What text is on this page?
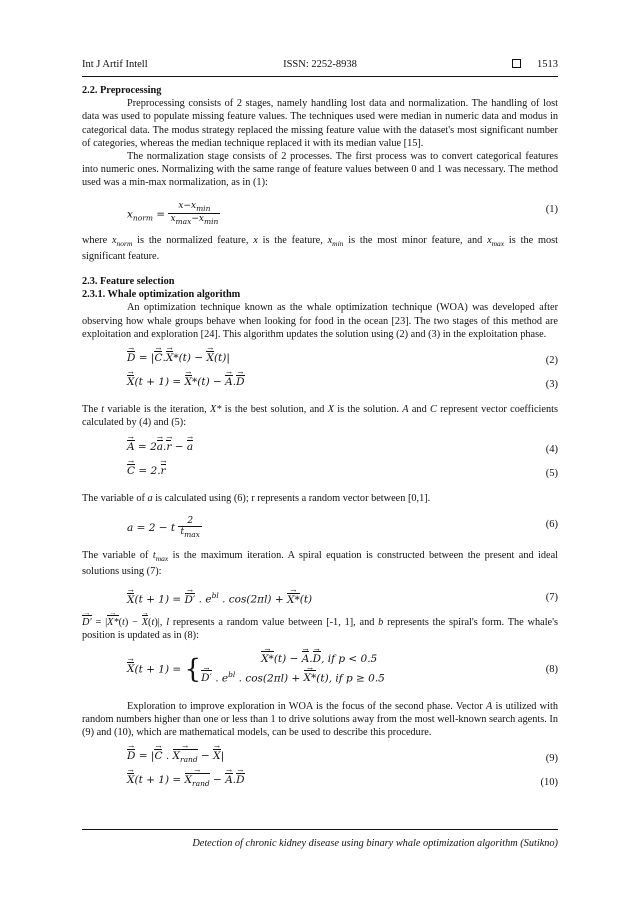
Int J Artif Intell	ISSN: 2252-8938	1513

2.2. Preprocessing

Preprocessing consists of 2 stages, namely handling lost data and normalization. The handling of lost data was used to populate missing feature values. The techniques used were median in numeric data and modus in categorical data. The modus strategy replaced the missing feature value with the dataset's most significant number of categories, whereas the median technique replaced it with its median value [15].

The normalization stage consists of 2 processes. The first process was to convert categorical features into numeric ones. Normalizing with the same range of feature values between 0 and 1 was necessary. The method used was a min-max normalization, as in (1):

$x_{norm} = \frac{x-x_{min}}{x_{max}-x_{min}}$	(1)

where $x_{norm}$ is the normalized feature, x is the feature, $x_{min}$ is the most minor feature, and $x_{max}$ is the most significant feature.

2.3. Feature selection

2.3.1. Whale optimization algorithm

An optimization technique known as the whale optimization technique (WOA) was developed after observing how whale groups behave when looking for food in the ocean [23]. The two stages of this method are exploitation and exploration [24]. This algorithm updates the solution using (2) and (3) in the exploitation phase.

D → = |C →.X →*(t) − X →(t)|	(2)
X →(t + 1) = X →*(t) − A →.D →	(3)

The t variable is the iteration, X* is the best solution, and X is the solution. A and C represent vector coefficients calculated by (4) and (5):

A → = 2a →.r → − a →	(4)
C → = 2.r →	(5)

The variable of a is calculated using (6); r represents a random vector between [0,1].

a = 2 − t $\frac{2}{t_{max}}$	(6)

The variable of $t_{max}$ is the maximum iteration. A spiral equation is constructed between the present and ideal solutions using (7):

X →(t + 1) = D′ → . $e^{bl}$ . cos(2πl) + X* →(t)	(7)

D′ → = |X* →(t) − X →(t)|, l represents a random value between [-1, 1], and b represents the spiral's form. The whale's position is updated as in (8):

X →(t + 1) = {	X* →(t) − A →.D →, if p < 0.5
D′ → . $e^{bl}$ . cos(2πl) + X* →(t), if p ≥ 0.5
(8)

Exploration to improve exploration in WOA is the focus of the second phase. Vector A is utilized with random numbers higher than one or less than 1 to drive solutions away from the most well-known search agents. In (9) and (10), which are mathematical models, can be used to describe this procedure.

D → = |C → . $X_{rand}$ → − X →|	(9)
$X \to(t + 1) = X_{rand}$ → − A →.D →	(10)
Detection of chronic kidney disease using binary whale optimization algorithm (Sutikno)
